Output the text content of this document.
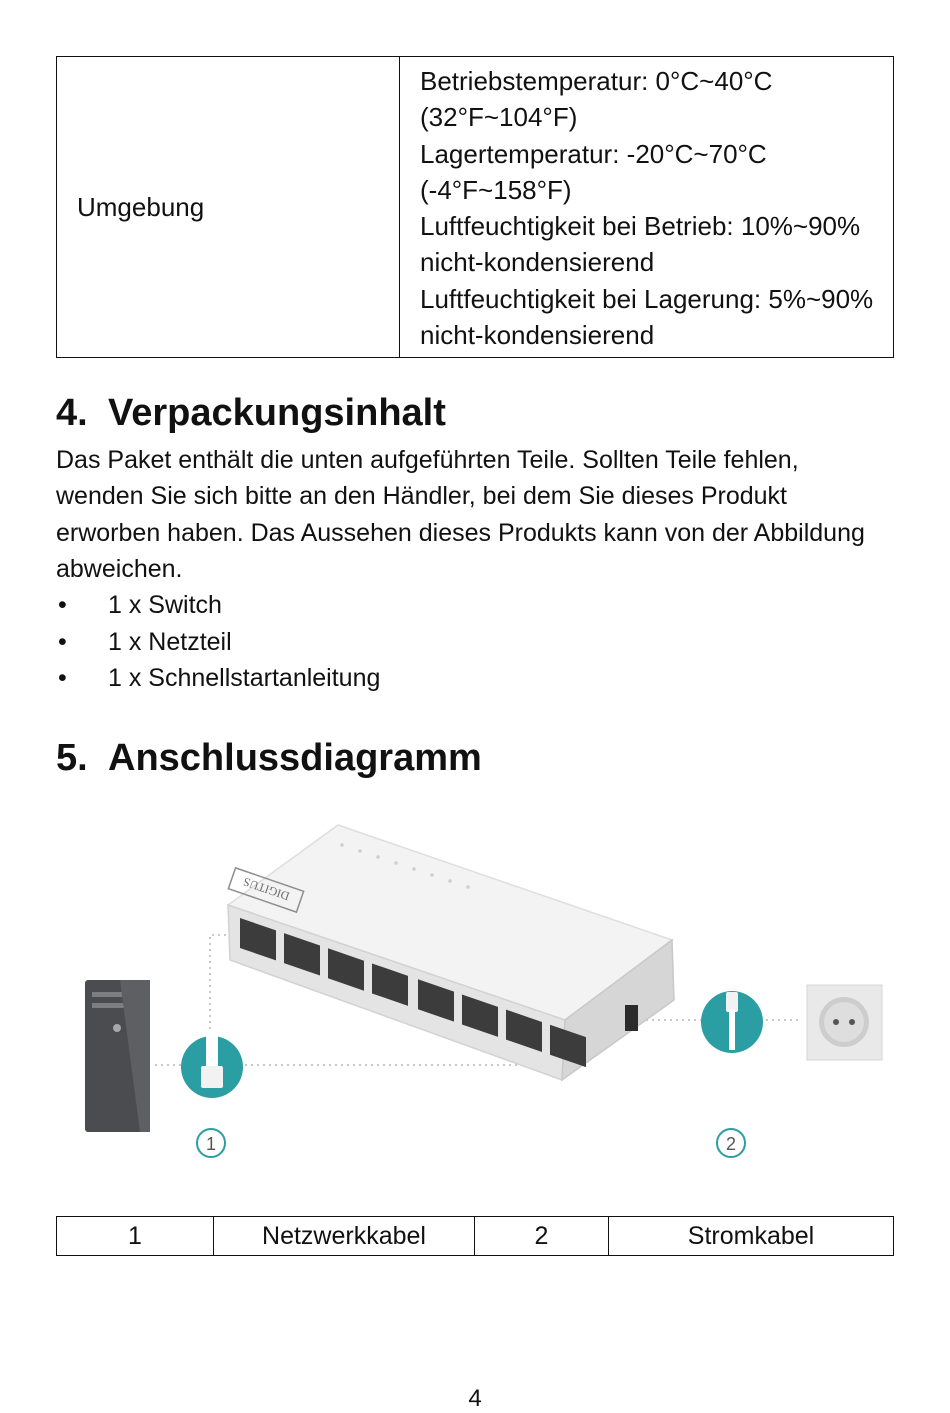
Umgebung	
Betriebstemperatur: 0°C~40°C
(32°F~104°F)
Lagertemperatur: -20°C~70°C
(-4°F~158°F)
Luftfeuchtigkeit bei Betrieb: 10%~90%
nicht-kondensierend
Luftfeuchtigkeit bei Lagerung: 5%~90%
nicht-kondensierend
4. Verpackungsinhalt

Das Paket enthält die unten aufgeführten Teile. Sollten Teile fehlen, wenden Sie sich bitte an den Händler, bei dem Sie dieses Produkt erworben haben. Das Aussehen dieses Produkts kann von der Abbildung abweichen.

• 1 x Switch
• 1 x Netzteil
• 1 x Schnellstartanleitung
5. Anschlussdiagramm
DIGITUS
1	2
1	Netzwerkkabel	2	Stromkabel
4
